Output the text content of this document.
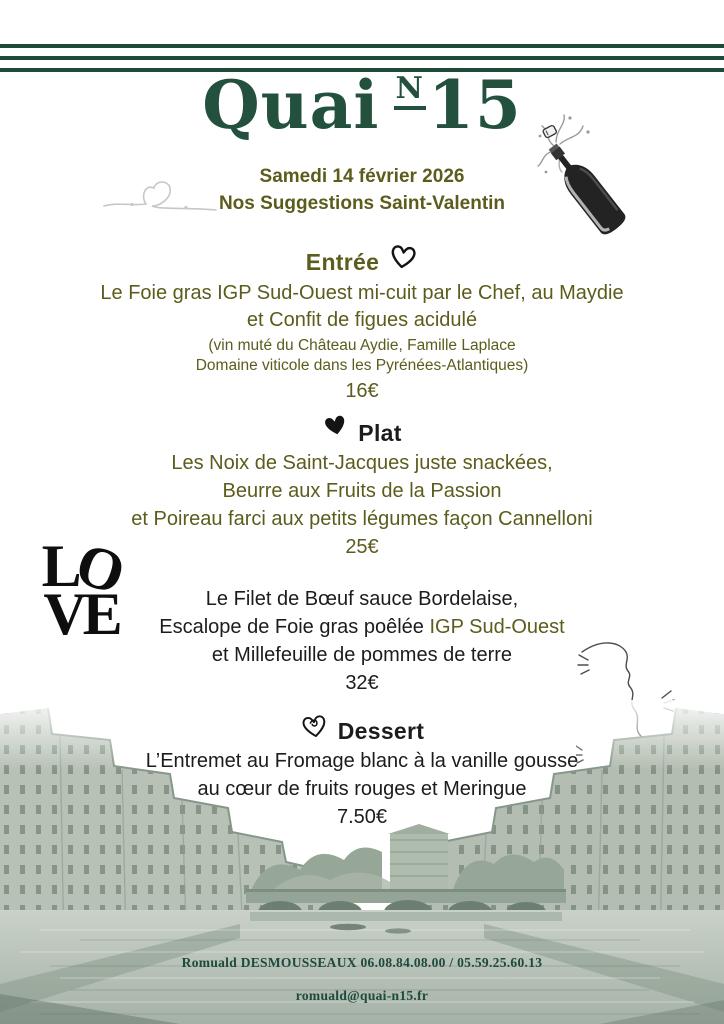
Quai N 15
Samedi 14 février 2026
Nos Suggestions Saint-Valentin
Entrée
Le Foie gras IGP Sud-Ouest mi-cuit par le Chef, au Maydie
et Confit de figues acidulé
(vin muté du Château Aydie, Famille Laplace
Domaine viticole dans les Pyrénées-Atlantiques)
16€
Plat
Les Noix de Saint-Jacques juste snackées,
Beurre aux Fruits de la Passion
et Poireau farci aux petits légumes façon Cannelloni
25€
LO
VE	Le Filet de Bœuf sauce Bordelaise,
Escalope de Foie gras poêlée IGP Sud-Ouest
et Millefeuille de pommes de terre
32€
Dessert
L’Entremet au Fromage blanc à la vanille gousse
au cœur de fruits rouges et Meringue
7.50€
Romuald DESMOUSSEAUX 06.08.84.08.00 / 05.59.25.60.13
romuald@quai-n15.fr
